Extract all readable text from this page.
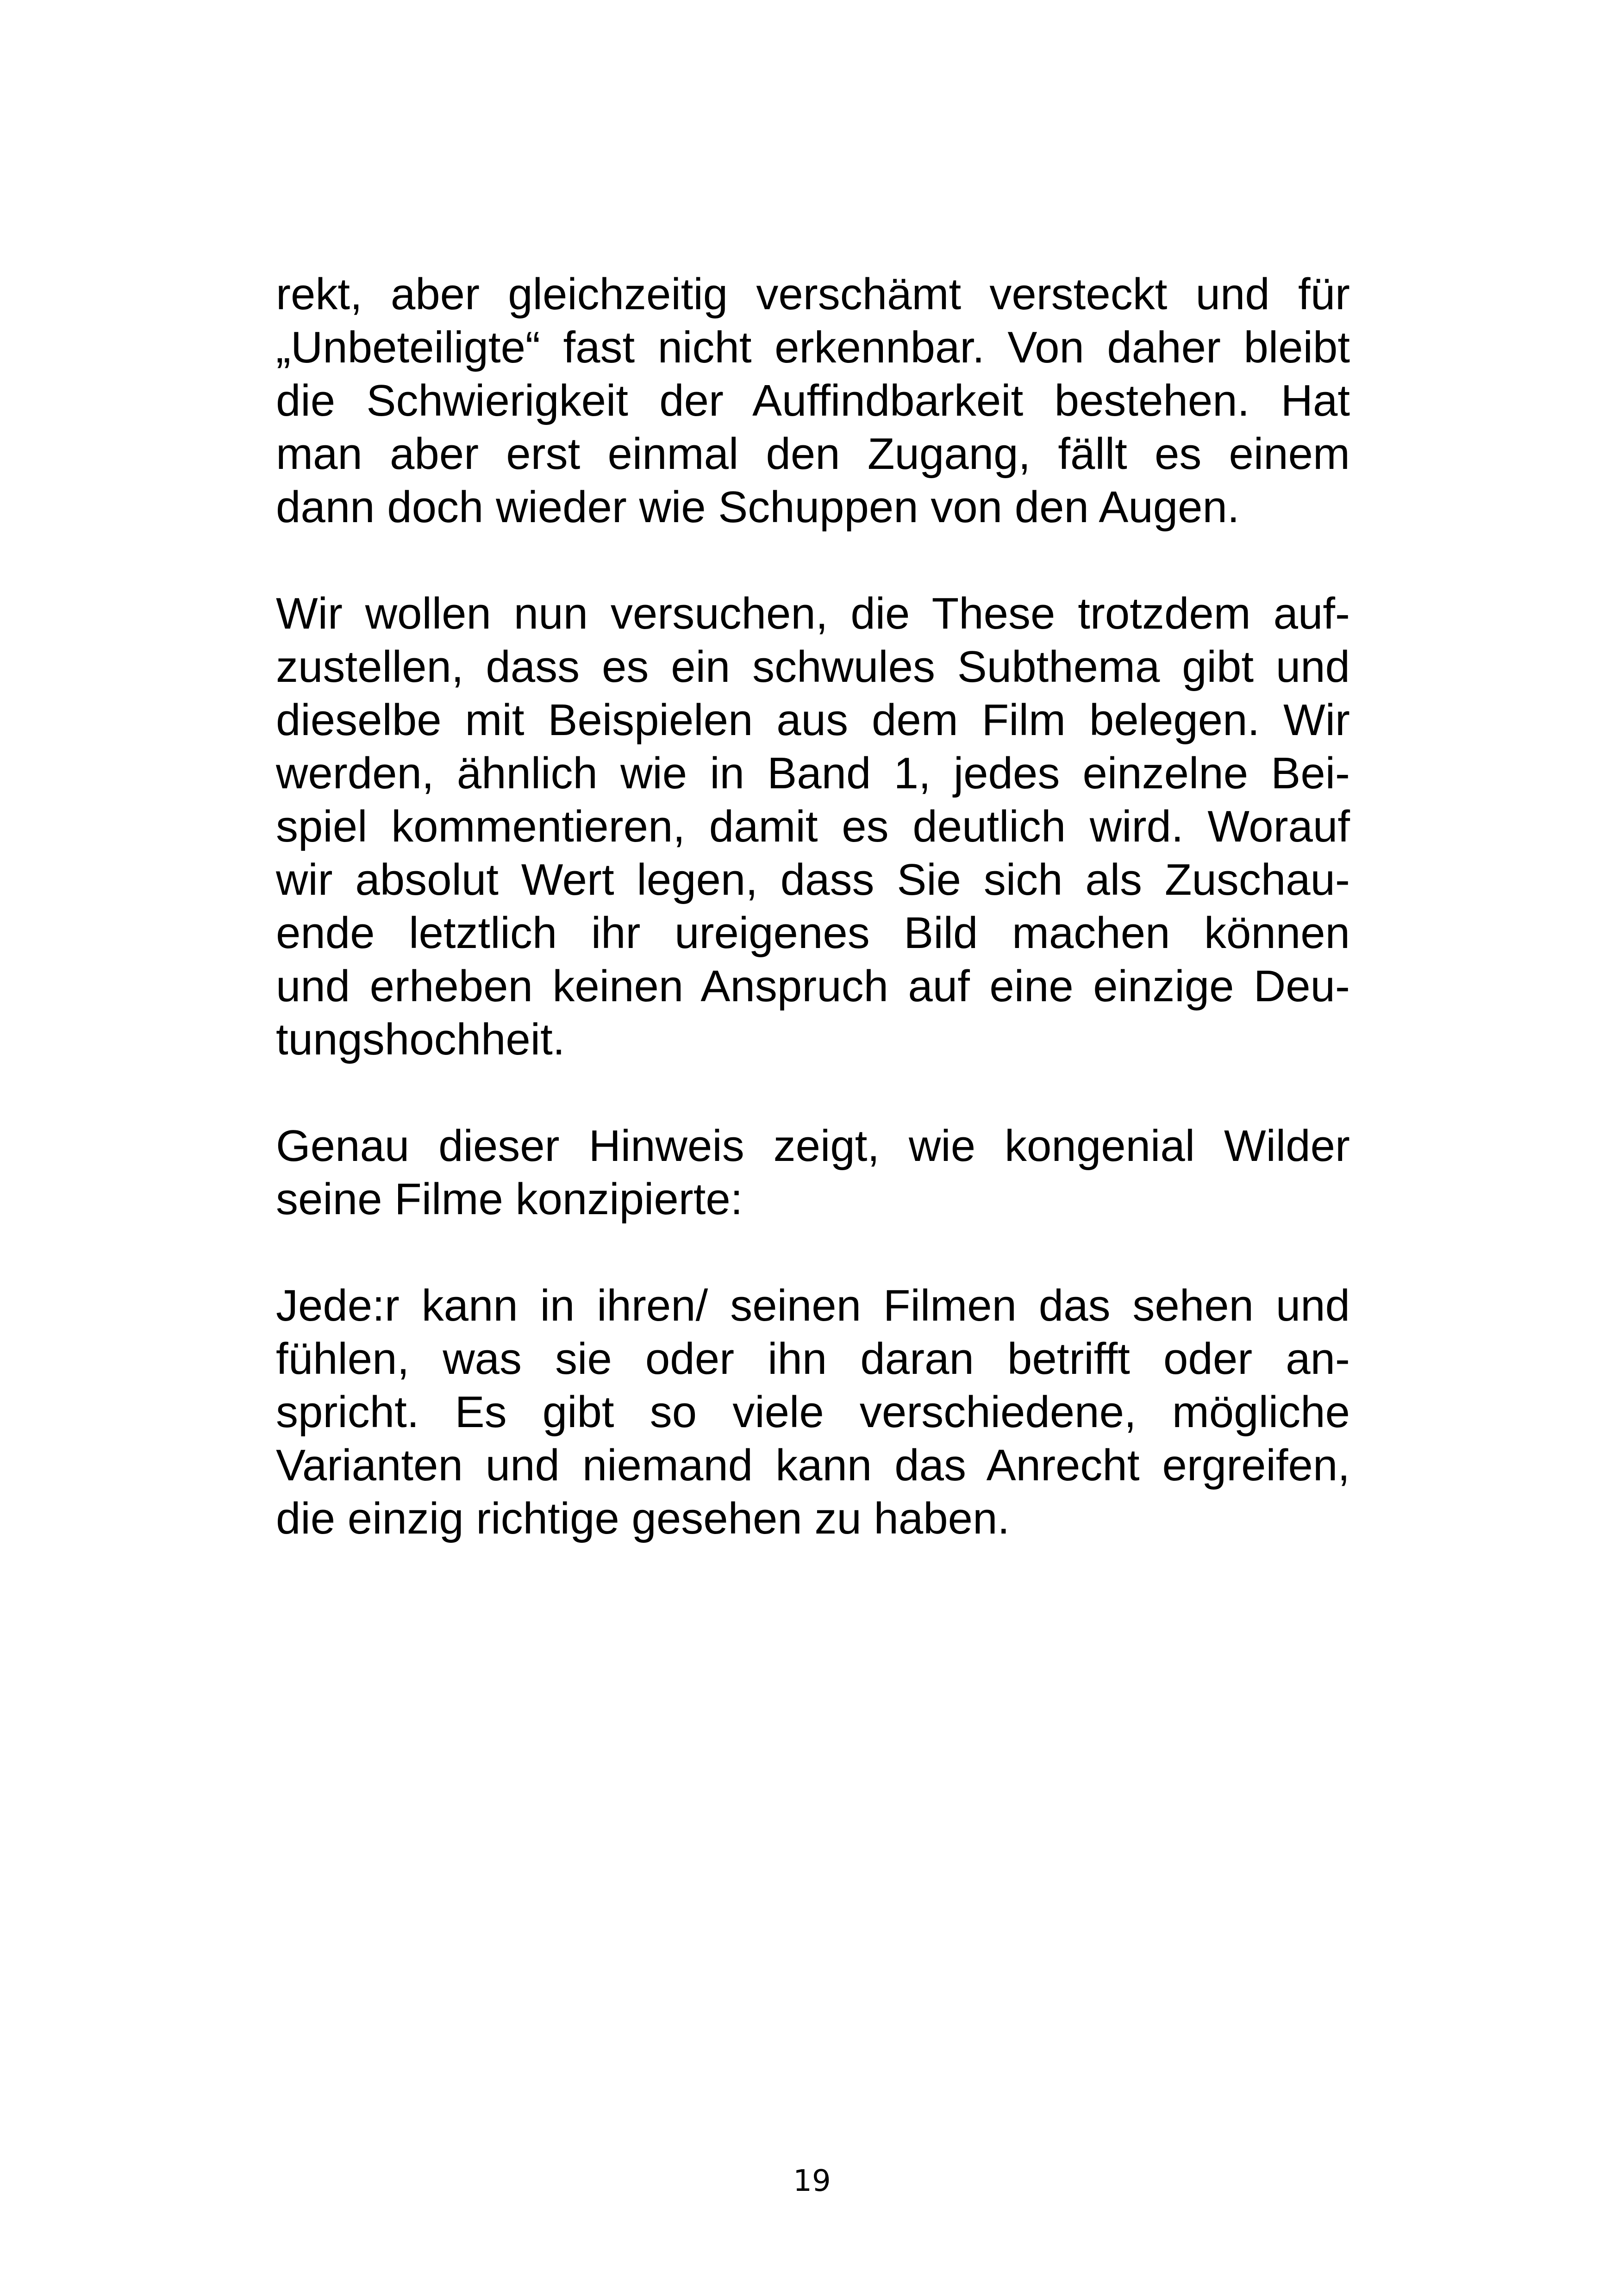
rekt, aber gleichzeitig verschämt versteckt und für
„Unbeteiligte“ fast nicht erkennbar. Von daher bleibt
die Schwierigkeit der Auffindbarkeit bestehen. Hat
man aber erst einmal den Zugang, fällt es einem
dann doch wieder wie Schuppen von den Augen.

Wir wollen nun versuchen, die These trotzdem auf-
zustellen, dass es ein schwules Subthema gibt und
dieselbe mit Beispielen aus dem Film belegen. Wir
werden, ähnlich wie in Band 1, jedes einzelne Bei-
spiel kommentieren, damit es deutlich wird. Worauf
wir absolut Wert legen, dass Sie sich als Zuschau-
ende letztlich ihr ureigenes Bild machen können
und erheben keinen Anspruch auf eine einzige Deu-
tungshochheit.

Genau dieser Hinweis zeigt, wie kongenial Wilder
seine Filme konzipierte:

Jede:r kann in ihren/ seinen Filmen das sehen und
fühlen, was sie oder ihn daran betrifft oder an-
spricht. Es gibt so viele verschiedene, mögliche
Varianten und niemand kann das Anrecht ergreifen,
die einzig richtige gesehen zu haben.

19
